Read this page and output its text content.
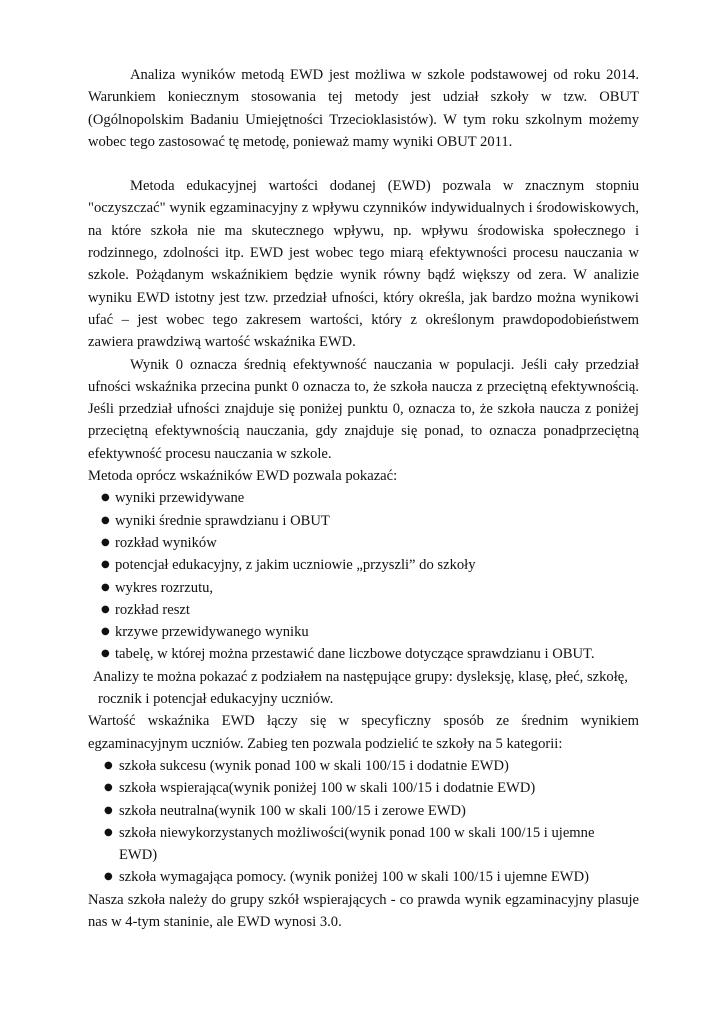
Analiza wyników metodą EWD jest możliwa w szkole podstawowej od roku 2014. Warunkiem koniecznym stosowania tej metody jest udział szkoły w tzw. OBUT (Ogólnopolskim Badaniu Umiejętności Trzecioklasistów). W tym roku szkolnym możemy wobec tego zastosować tę metodę, ponieważ mamy wyniki OBUT 2011.

Metoda edukacyjnej wartości dodanej (EWD) pozwala w znacznym stopniu "oczyszczać" wynik egzaminacyjny z wpływu czynników indywidualnych i środowiskowych, na które szkoła nie ma skutecznego wpływu, np. wpływu środowiska społecznego i rodzinnego, zdolności itp. EWD jest wobec tego miarą efektywności procesu nauczania w szkole. Pożądanym wskaźnikiem będzie wynik równy bądź większy od zera. W analizie wyniku EWD istotny jest tzw. przedział ufności, który określa, jak bardzo można wynikowi ufać – jest wobec tego zakresem wartości, który z określonym prawdopodobieństwem zawiera prawdziwą wartość wskaźnika EWD.

Wynik 0 oznacza średnią efektywność nauczania w populacji. Jeśli cały przedział ufności wskaźnika przecina punkt 0 oznacza to, że szkoła naucza z przeciętną efektywnością. Jeśli przedział ufności znajduje się poniżej punktu 0, oznacza to, że szkoła naucza z poniżej przeciętną efektywnością nauczania, gdy znajduje się ponad, to oznacza ponadprzeciętną efektywność procesu nauczania w szkole.

Metoda oprócz wskaźników EWD pozwala pokazać:

● wyniki przewidywane
● wyniki średnie sprawdzianu i OBUT
● rozkład wyników
● potencjał edukacyjny, z jakim uczniowie „przyszli” do szkoły
● wykres rozrzutu,
● rozkład reszt
● krzywe przewidywanego wyniku
● tabelę, w której można przestawić dane liczbowe dotyczące sprawdzianu i OBUT.

Analizy te można pokazać z podziałem na następujące grupy: dysleksję, klasę, płeć, szkołę, rocznik i potencjał edukacyjny uczniów.

Wartość wskaźnika EWD łączy się w specyficzny sposób ze średnim wynikiem egzaminacyjnym uczniów. Zabieg ten pozwala podzielić te szkoły na 5 kategorii:

● szkoła sukcesu (wynik ponad 100 w skali 100/15 i dodatnie EWD)
● szkoła wspierająca(wynik poniżej 100 w skali 100/15 i dodatnie EWD)
● szkoła neutralna(wynik 100 w skali 100/15 i zerowe EWD)
● szkoła niewykorzystanych możliwości(wynik ponad 100 w skali 100/15 i ujemne EWD)
● szkoła wymagająca pomocy. (wynik poniżej 100 w skali 100/15 i ujemne EWD)

Nasza szkoła należy do grupy szkół wspierających - co prawda wynik egzaminacyjny plasuje nas w 4-tym staninie, ale EWD wynosi 3.0.
